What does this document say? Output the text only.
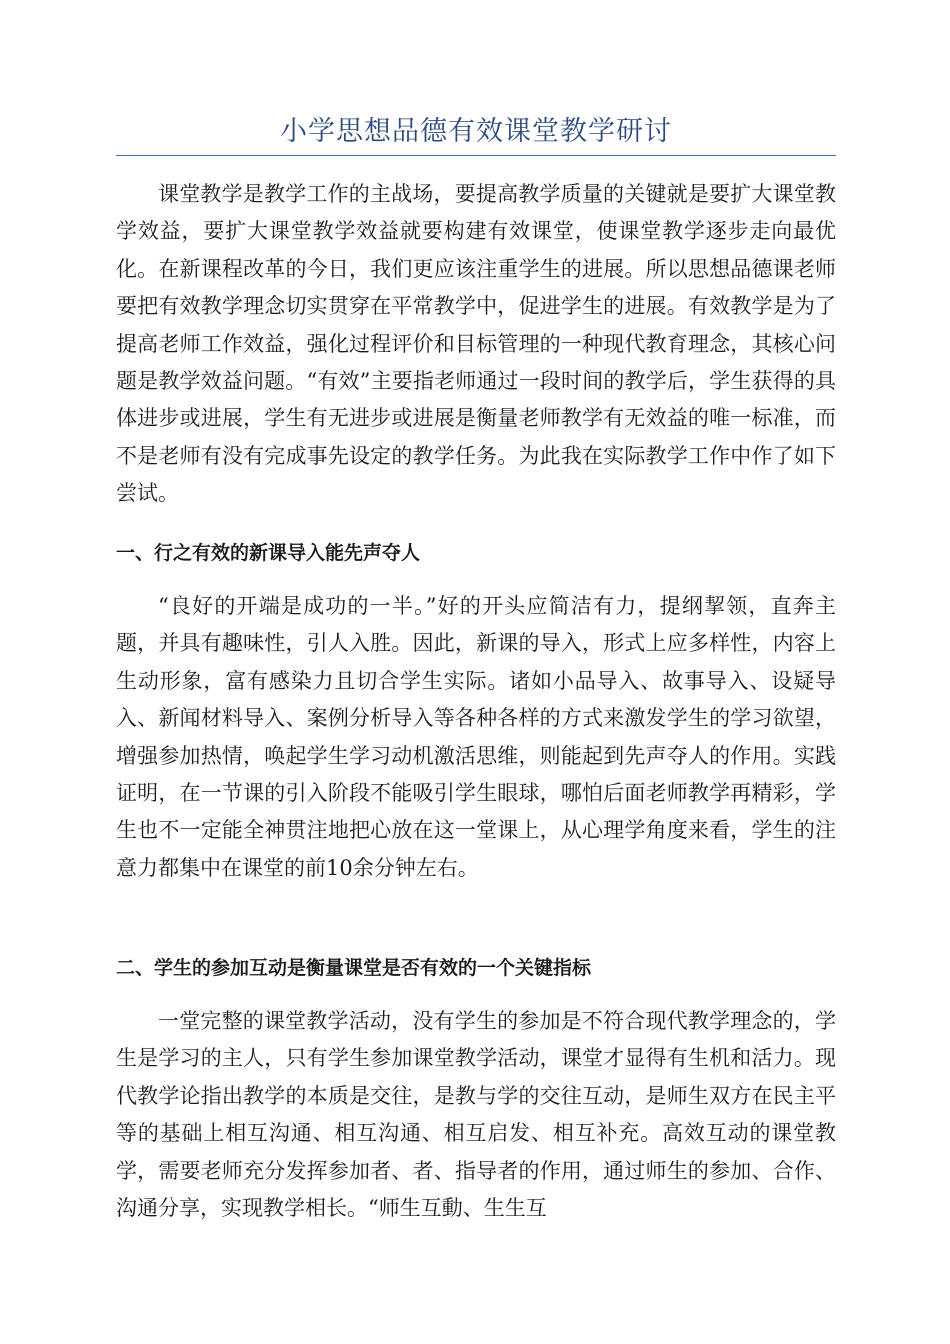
小学思想品德有效课堂教学研讨

课堂教学是教学工作的主战场，要提高教学质量的关键就是要扩大课堂教学效益，要扩大课堂教学效益就要构建有效课堂，使课堂教学逐步走向最优化。在新课程改革的今日，我们更应该注重学生的进展。所以思想品德课老师要把有效教学理念切实贯穿在平常教学中，促进学生的进展。有效教学是为了提高老师工作效益，强化过程评价和目标管理的一种现代教育理念，其核心问题是教学效益问题。“有效”主要指老师通过一段时间的教学后，学生获得的具体进步或进展，学生有无进步或进展是衡量老师教学有无效益的唯一标准，而不是老师有没有完成事先设定的教学任务。为此我在实际教学工作中作了如下尝试。

一、行之有效的新课导入能先声夺人

“良好的开端是成功的一半。”好的开头应简洁有力，提纲挈领，直奔主题，并具有趣味性，引人入胜。因此，新课的导入，形式上应多样性，内容上生动形象，富有感染力且切合学生实际。诸如小品导入、故事导入、设疑导入、新闻材料导入、案例分析导入等各种各样的方式来激发学生的学习欲望，增强参加热情，唤起学生学习动机激活思维，则能起到先声夺人的作用。实践证明，在一节课的引入阶段不能吸引学生眼球，哪怕后面老师教学再精彩，学生也不一定能全神贯注地把心放在这一堂课上，从心理学角度来看，学生的注意力都集中在课堂的前10余分钟左右。

二、学生的参加互动是衡量课堂是否有效的一个关键指标

一堂完整的课堂教学活动，没有学生的参加是不符合现代教学理念的，学生是学习的主人，只有学生参加课堂教学活动，课堂才显得有生机和活力。现代教学论指出教学的本质是交往，是教与学的交往互动，是师生双方在民主平等的基础上相互沟通、相互沟通、相互启发、相互补充。高效互动的课堂教学，需要老师充分发挥参加者、者、指导者的作用，通过师生的参加、合作、沟通分享，实现教学相长。“师生互動、生生互
